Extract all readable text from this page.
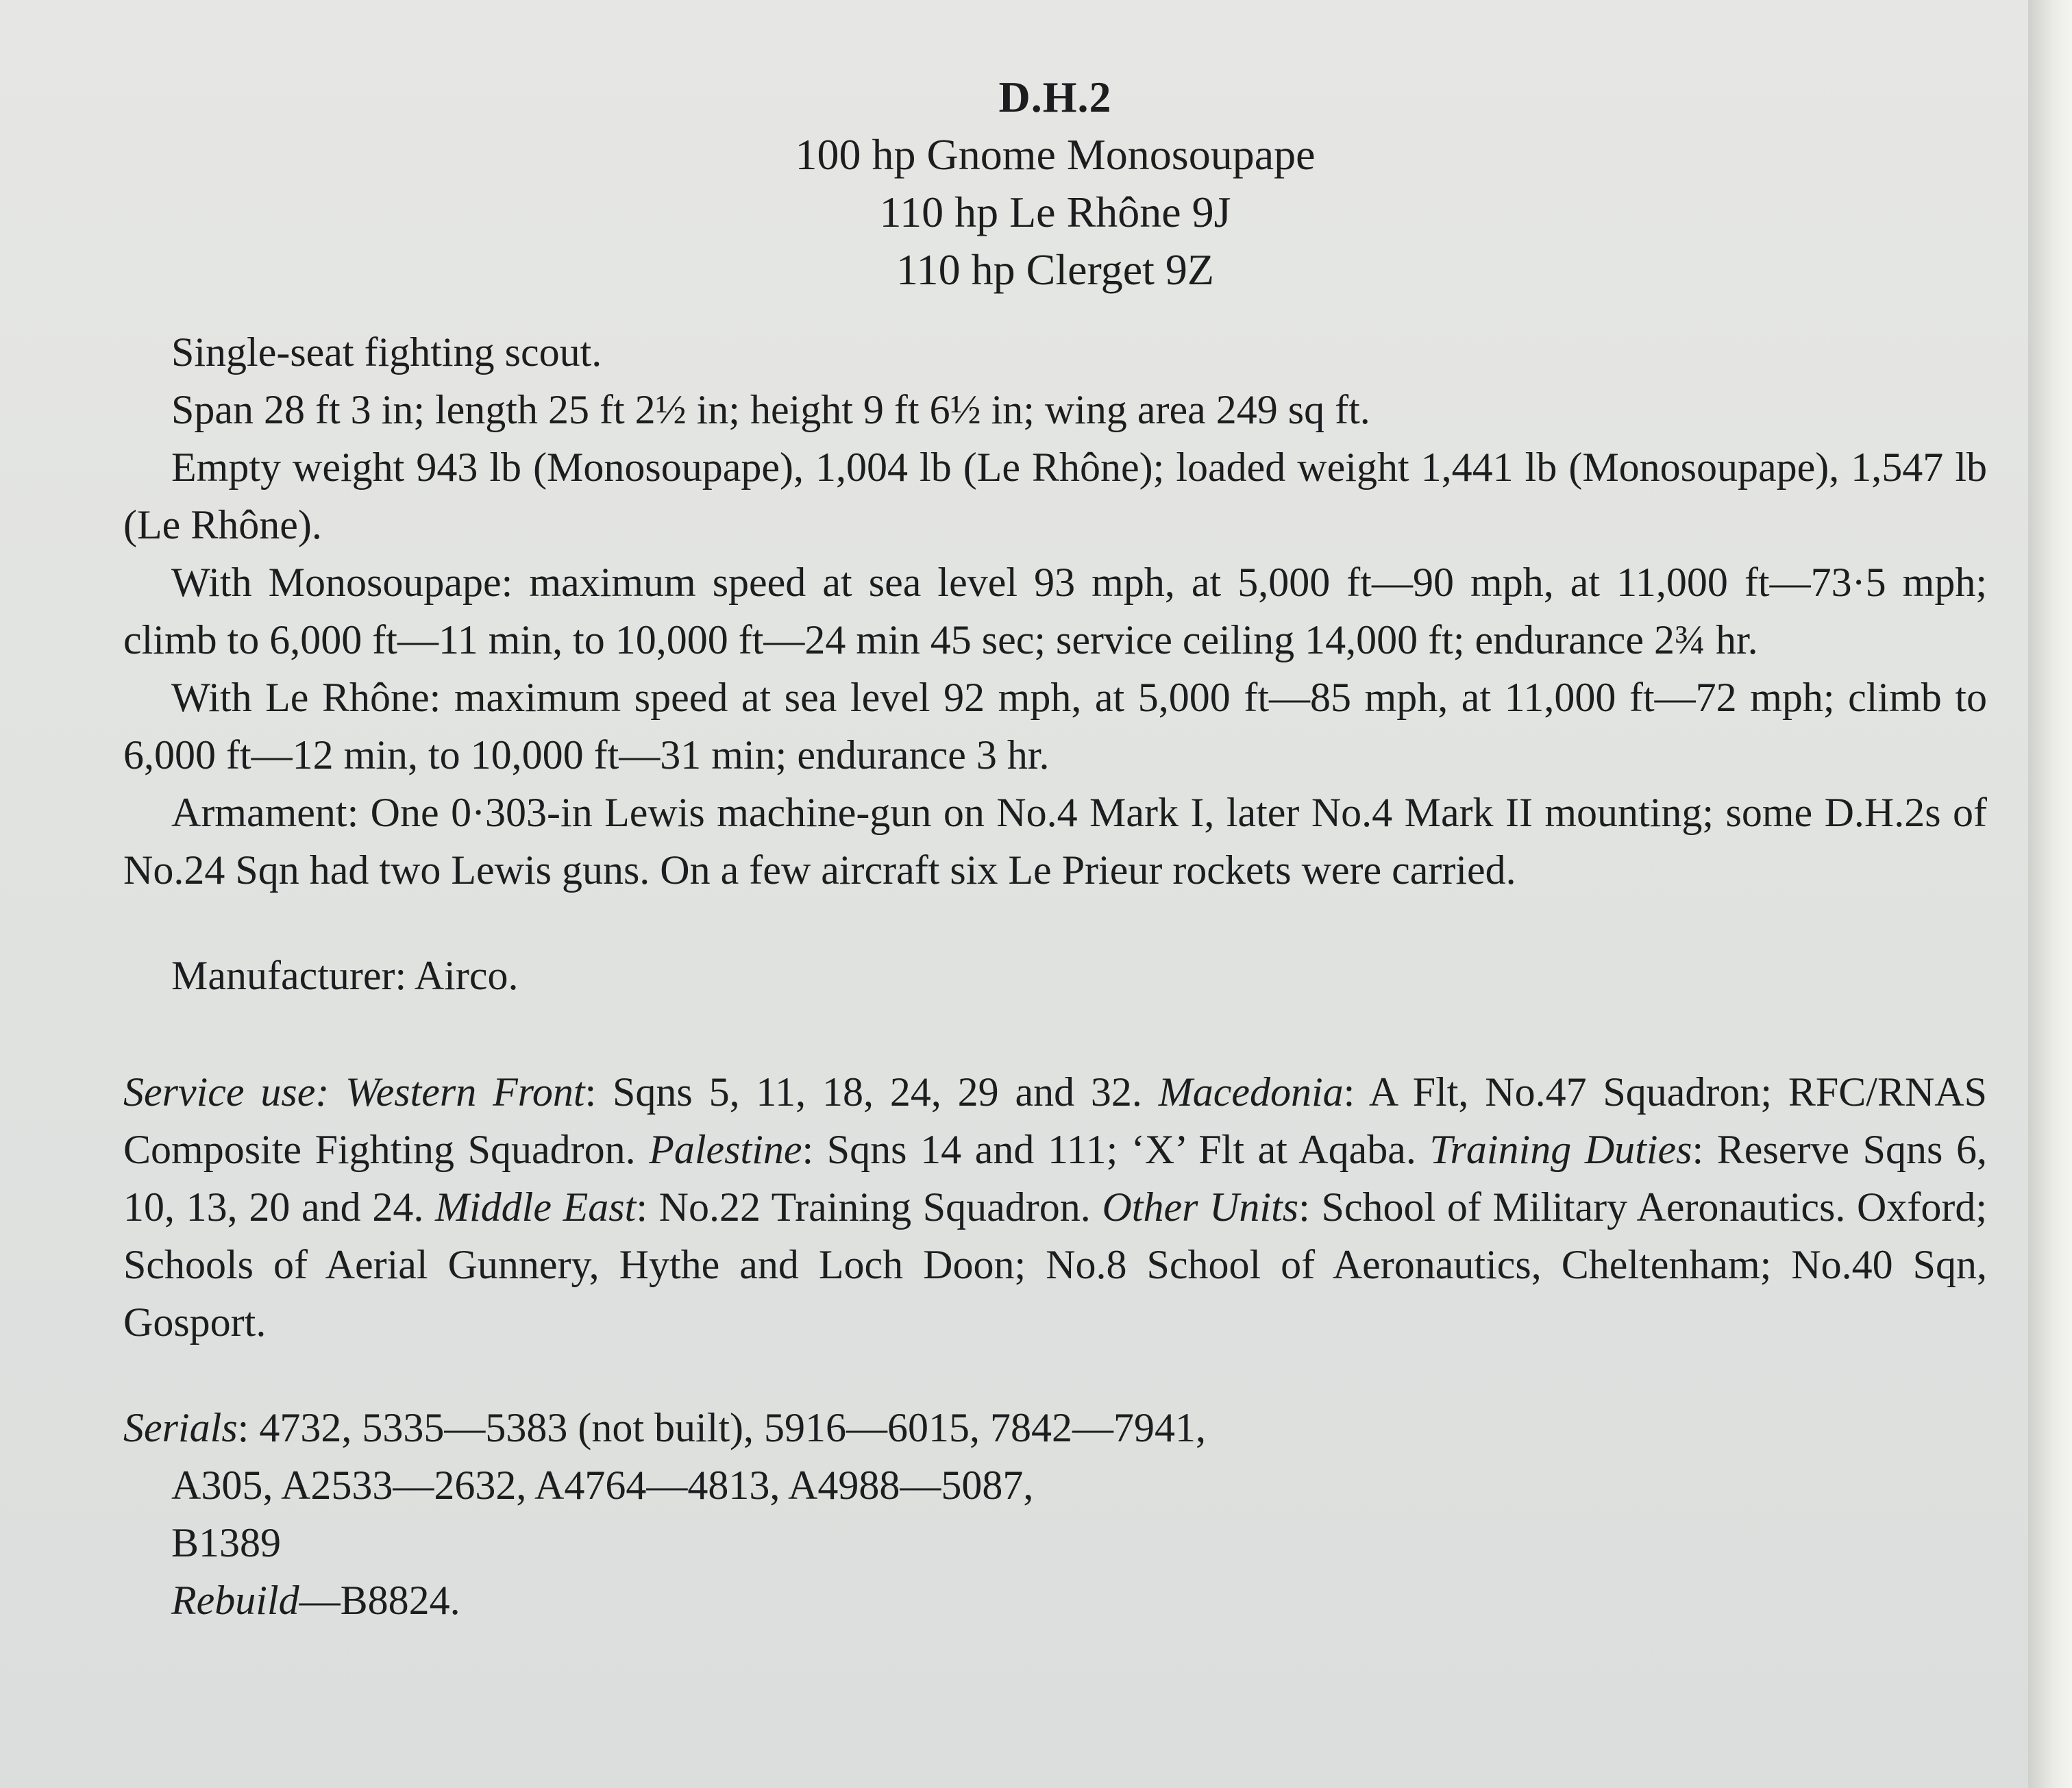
D.H.2
100 hp Gnome Monosoupape
110 hp Le Rhône 9J
110 hp Clerget 9Z

Single-seat fighting scout.

Span 28 ft 3 in; length 25 ft 2½ in; height 9 ft 6½ in; wing area 249 sq ft.

Empty weight 943 lb (Monosoupape), 1,004 lb (Le Rhône); loaded weight 1,441 lb (Monosoupape), 1,547 lb (Le Rhône).

With Monosoupape: maximum speed at sea level 93 mph, at 5,000 ft—90 mph, at 11,000 ft—73·5 mph; climb to 6,000 ft—11 min, to 10,000 ft—24 min 45 sec; service ceiling 14,000 ft; endurance 2¾ hr.

With Le Rhône: maximum speed at sea level 92 mph, at 5,000 ft—85 mph, at 11,000 ft—72 mph; climb to 6,000 ft—12 min, to 10,000 ft—31 min; endurance 3 hr.

Armament: One 0·303-in Lewis machine-gun on No.4 Mark I, later No.4 Mark II mounting; some D.H.2s of No.24 Sqn had two Lewis guns. On a few aircraft six Le Prieur rockets were carried.

Manufacturer: Airco.

Service use: Western Front: Sqns 5, 11, 18, 24, 29 and 32. Macedonia: A Flt, No.47 Squadron; RFC/RNAS Composite Fighting Squadron. Palestine: Sqns 14 and 111; ‘X’ Flt at Aqaba. Training Duties: Reserve Sqns 6, 10, 13, 20 and 24. Middle East: No.22 Training Squadron. Other Units: School of Military Aeronautics. Oxford; Schools of Aerial Gunnery, Hythe and Loch Doon; No.8 School of Aeronautics, Cheltenham; No.40 Sqn, Gosport.

Serials: 4732, 5335—5383 (not built), 5916—6015, 7842—7941,
A305, A2533—2632, A4764—4813, A4988—5087,
B1389
Rebuild—B8824.
